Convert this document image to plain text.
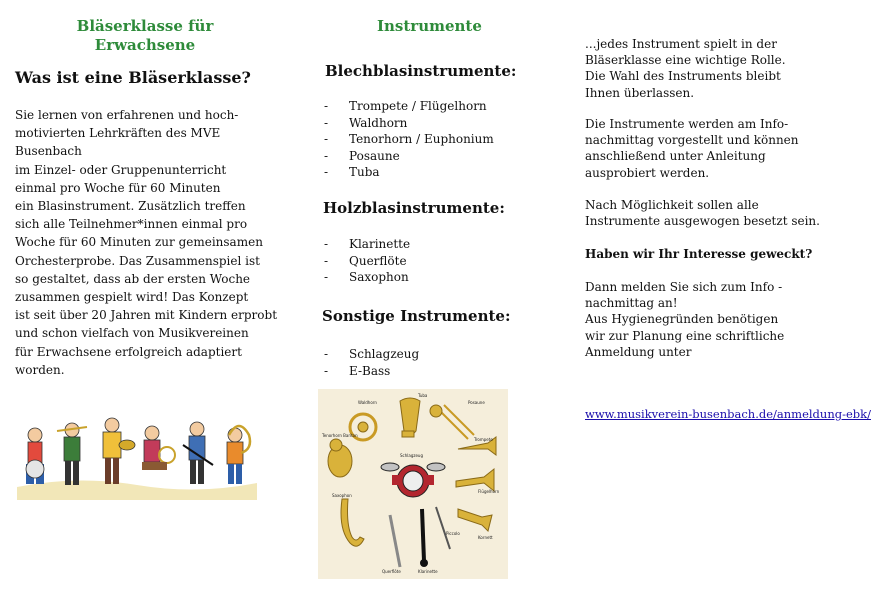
Bläserklasse für
Erwachsene
Was ist eine Bläserklasse?
Sie lernen von erfahrenen und hoch-
motivierten Lehrkräften des MVE Busenbach
im Einzel- oder Gruppenunterricht
einmal pro Woche für 60 Minuten
ein Blasinstrument. Zusätzlich treffen
sich alle Teilnehmer*innen einmal pro
Woche für 60 Minuten zur gemeinsamen
Orchesterprobe. Das Zusammenspiel ist
so gestaltet, dass ab der ersten Woche
zusammen gespielt wird! Das Konzept
ist seit über 20 Jahren mit Kindern erprobt
und schon vielfach von Musikvereinen
für Erwachsene erfolgreich adaptiert worden.
Instrumente
Blechblasinstrumente:
- Trompete / Flügelhorn
- Waldhorn
- Tenorhorn / Euphonium
- Posaune
- Tuba
Holzblasinstrumente:
- Klarinette
- Querflöte
- Saxophon
Sonstige Instrumente:
- Schlagzeug
- E-Bass
Waldhorn
Tuba
Posaune
Tenorhorn Bariton
Schlagzeug
Trompete
Flügelhorn
Saxophon
Piccolo
Kornett
Querflöte	Klarinette
...jedes Instrument spielt in der
Bläserklasse eine wichtige Rolle.
Die Wahl des Instruments bleibt
Ihnen überlassen.
Die Instrumente werden am Info-
nachmittag vorgestellt und können
anschließend unter Anleitung
ausprobiert werden.
Nach Möglichkeit sollen alle
Instrumente ausgewogen besetzt sein.
Haben wir Ihr Interesse geweckt?
Dann melden Sie sich zum Info -
nachmittag an!
Aus Hygienegründen benötigen
wir zur Planung eine schriftliche
Anmeldung unter
www.musikverein-busenbach.de/anmeldung-ebk/
